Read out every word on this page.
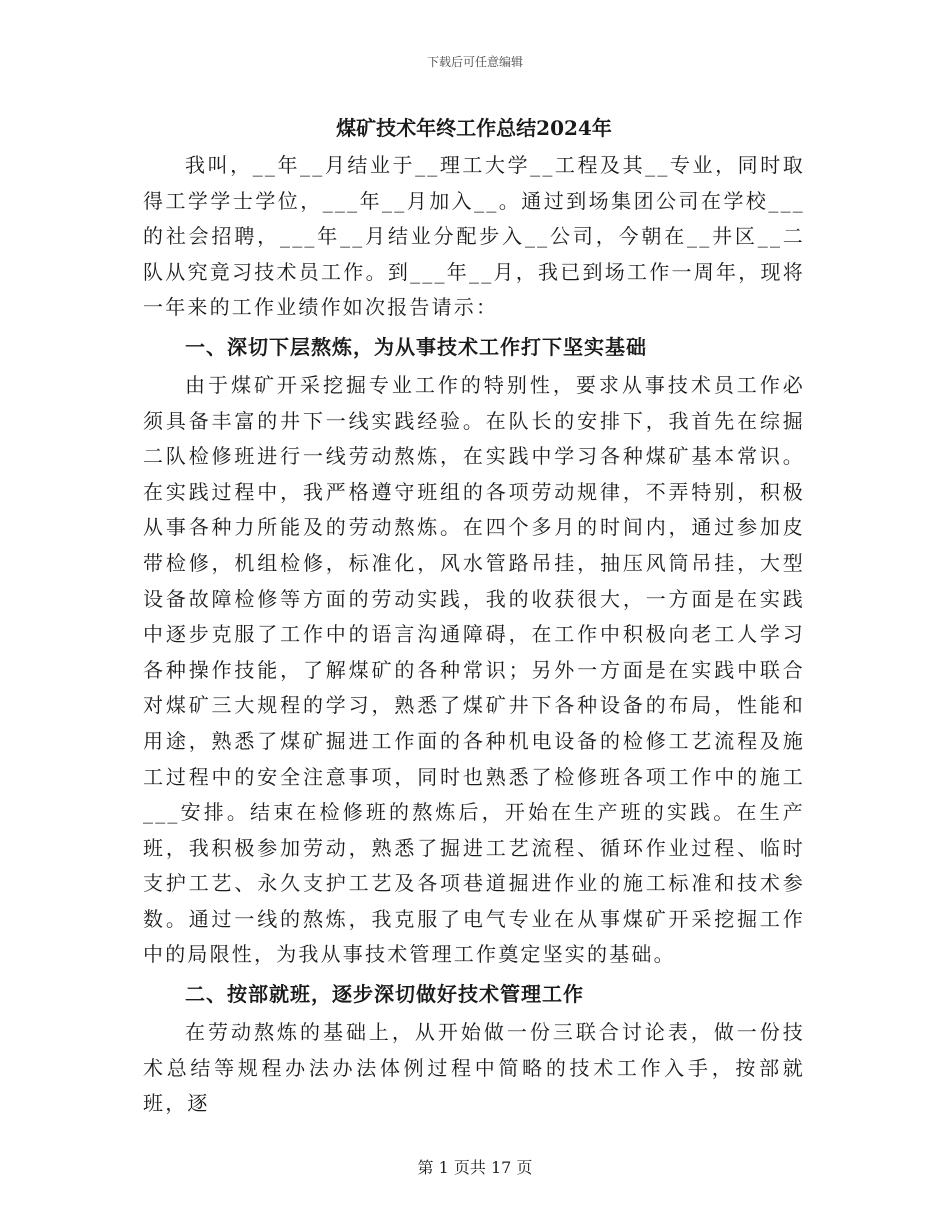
下载后可任意编辑
煤矿技术年终工作总结2024年

我叫，__年__月结业于__理工大学__工程及其__专业，同时取得工学学士学位，___年__月加入__。通过到场集团公司在学校___的社会招聘，___年__月结业分配步入__公司，今朝在__井区__二队从究竟习技术员工作。到___年__月，我已到场工作一周年，现将一年来的工作业绩作如次报告请示：

一、深切下层熬炼，为从事技术工作打下坚实基础

由于煤矿开采挖掘专业工作的特别性，要求从事技术员工作必须具备丰富的井下一线实践经验。在队长的安排下，我首先在综掘二队检修班进行一线劳动熬炼，在实践中学习各种煤矿基本常识。在实践过程中，我严格遵守班组的各项劳动规律，不弄特别，积极从事各种力所能及的劳动熬炼。在四个多月的时间内，通过参加皮带检修，机组检修，标准化，风水管路吊挂，抽压风筒吊挂，大型设备故障检修等方面的劳动实践，我的收获很大，一方面是在实践中逐步克服了工作中的语言沟通障碍，在工作中积极向老工人学习各种操作技能，了解煤矿的各种常识；另外一方面是在实践中联合对煤矿三大规程的学习，熟悉了煤矿井下各种设备的布局，性能和用途，熟悉了煤矿掘进工作面的各种机电设备的检修工艺流程及施工过程中的安全注意事项，同时也熟悉了检修班各项工作中的施工___安排。结束在检修班的熬炼后，开始在生产班的实践。在生产班，我积极参加劳动，熟悉了掘进工艺流程、循环作业过程、临时支护工艺、永久支护工艺及各项巷道掘进作业的施工标准和技术参数。通过一线的熬炼，我克服了电气专业在从事煤矿开采挖掘工作中的局限性，为我从事技术管理工作奠定坚实的基础。

二、按部就班，逐步深切做好技术管理工作

在劳动熬炼的基础上，从开始做一份三联合讨论表，做一份技术总结等规程办法办法体例过程中简略的技术工作入手，按部就班，逐

第 1 页共 17 页
